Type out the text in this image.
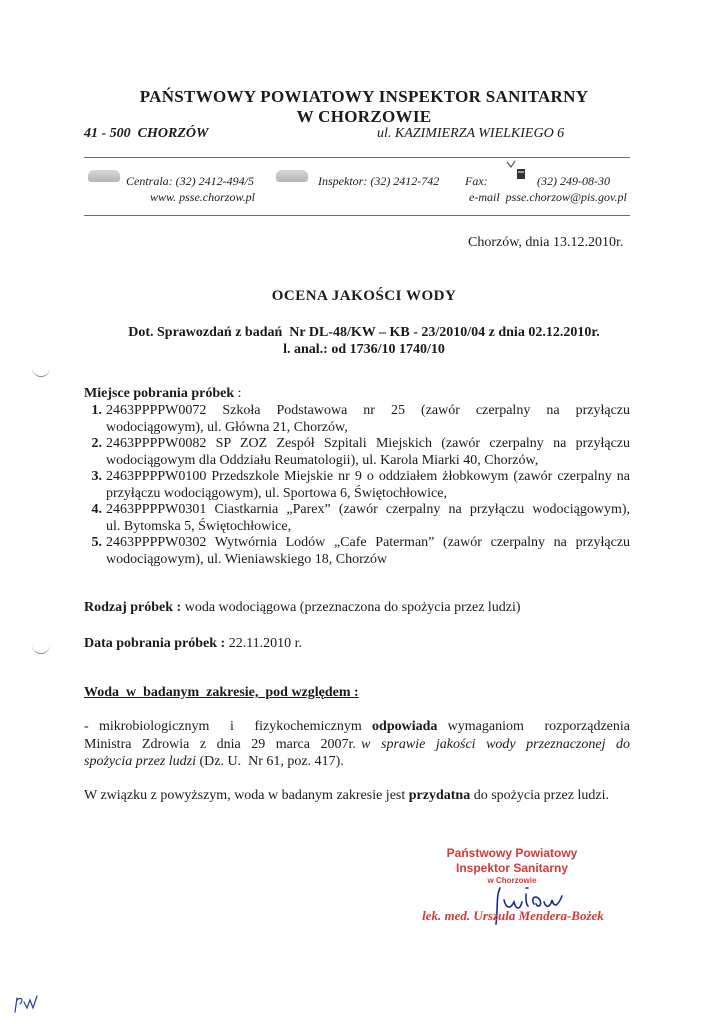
PAŃSTWOWY POWIATOWY INSPEKTOR SANITARNY
W CHORZOWIE
41 - 500  CHORZÓW	ul. KAZIMIERZA WIELKIEGO 6
Centrala: (32) 2412-494/5
www. psse.chorzow.pl
Inspektor: (32) 2412-742 Fax:	(32) 249-08-30
e-mail  psse.chorzow@pis.gov.pl
Chorzów, dnia 13.12.2010r.
OCENA JAKOŚCI WODY
Dot. Sprawozdań z badań  Nr DL-48/KW – KB - 23/2010/04 z dnia 02.12.2010r.
l. anal.: od 1736/10 1740/10
Miejsce pobrania próbek :
1. 2463PPPPW0072 Szkoła Podstawowa nr 25 (zawór czerpalny na przyłączu
wodociągowym), ul. Główna 21, Chorzów,
2. 2463PPPPW0082 SP ZOZ Zespół Szpitali Miejskich (zawór czerpalny na przyłączu
wodociągowym dla Oddziału Reumatologii), ul. Karola Miarki 40, Chorzów,
3. 2463PPPPW0100 Przedszkole Miejskie nr 9 o oddziałem żłobkowym (zawór czerpalny na
przyłączu wodociągowym), ul. Sportowa 6, Świętochłowice,
4. 2463PPPPW0301 Ciastkarnia „Parex” (zawór czerpalny na przyłączu wodociągowym),
ul. Bytomska 5, Świętochłowice,
5. 2463PPPPW0302 Wytwórnia Lodów „Cafe Paterman” (zawór czerpalny na przyłączu
wodociągowym), ul. Wieniawskiego 18, Chorzów
Rodzaj próbek : woda wodociągowa (przeznaczona do spożycia przez ludzi)
Data pobrania próbek : 22.11.2010 r.
Woda  w  badanym  zakresie,  pod względem :
- mikrobiologicznym  i  fizykochemicznym odpowiada wymaganiom  rozporządzenia
Ministra  Zdrowia  z  dnia  29  marca  2007r. w  sprawie  jakości  wody  przeznaczonej  do
spożycia przez ludzi (Dz. U.  Nr 61, poz. 417).
W związku z powyższym, woda w badanym zakresie jest przydatna do spożycia przez ludzi.
Państwowy Powiatowy
Inspektor Sanitarny
w Chorzowie
lek. med. Urszula Mendera-Bożek
